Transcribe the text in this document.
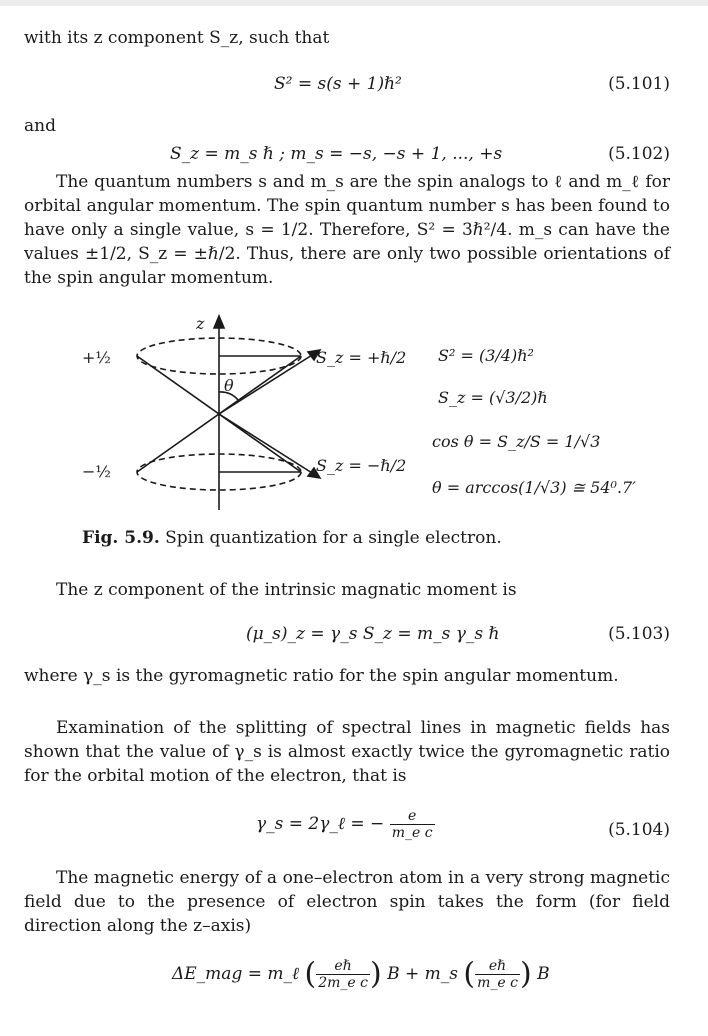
with its z component S_z, such that
S² = s(s + 1)ℏ²	(5.101)
and
S_z = m_s ℏ ; m_s = −s, −s + 1, ..., +s	(5.102)
The quantum numbers s and m_s are the spin analogs to ℓ and m_ℓ for orbital angular momentum. The spin quantum number s has been found to have only a single value, s = 1/2. Therefore, S² = 3ℏ²/4. m_s can have the values ±1/2, S_z = ±ℏ/2. Thus, there are only two possible orientations of the spin angular momentum.
z
+½
−½
θ
S_z = +ℏ/2
S_z = −ℏ/2
S² = (3/4)ℏ²
S_z = (√3/2)ℏ
cos θ = S_z/S = 1/√3
θ = arccos(1/√3) ≅ 54⁰.7′
Fig. 5.9. Spin quantization for a single electron.
The z component of the intrinsic magnatic moment is
(μ_s)_z = γ_s S_z = m_s γ_s ℏ	(5.103)
where γ_s is the gyromagnetic ratio for the spin angular momentum.
Examination of the splitting of spectral lines in magnetic fields has shown that the value of γ_s is almost exactly twice the gyromagnetic ratio for the orbital motion of the electron, that is
γ_s = 2γ_ℓ = − $\frac{e}{\text{m\_e c}}$	(5.104)
The magnetic energy of a one–electron atom in a very strong magnetic field due to the presence of electron spin takes the form (for field direction along the z–axis)
ΔE_mag = m_ℓ ( $\frac{\text{eℏ}}{\text{2m\_e c}}$ ) B + m_s ( $\frac{\text{eℏ}}{\text{m\_e c}}$ ) B
